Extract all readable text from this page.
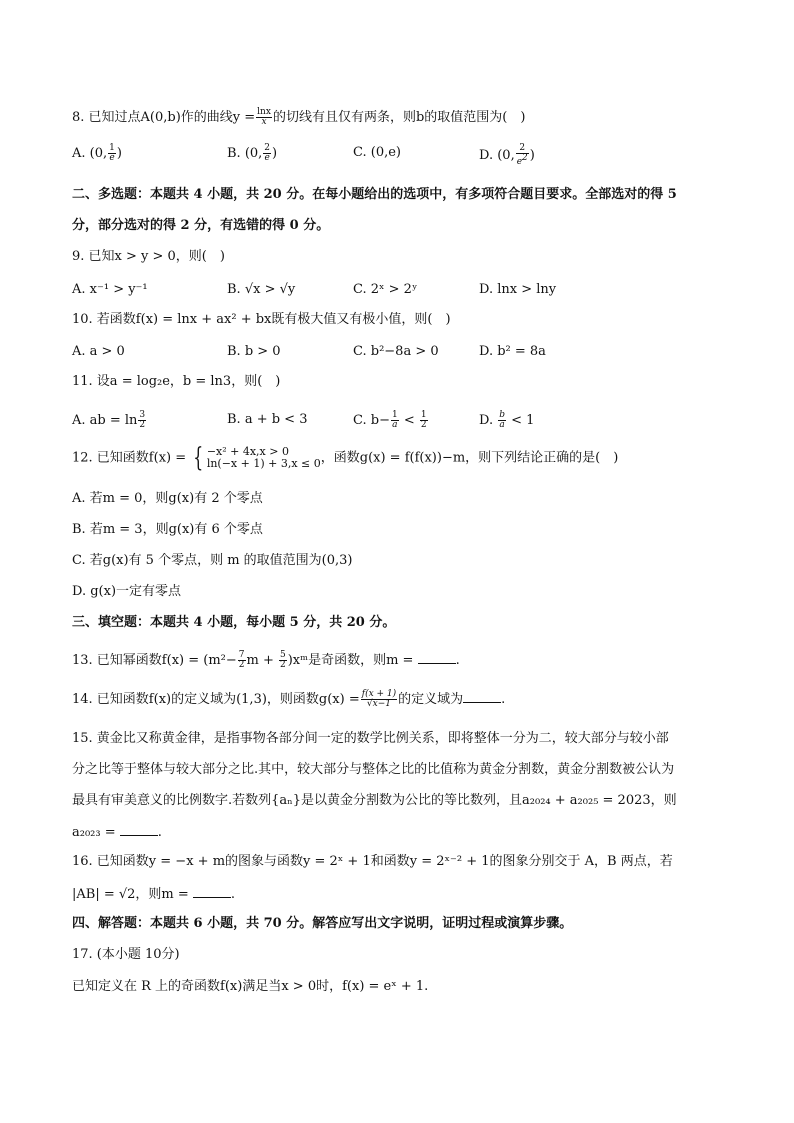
8. 已知过点A(0,b)作的曲线$y = \frac{\ln x}{x}$ 的切线有且仅有两条，则b的取值范围为(　)
A. (0, $\frac{1}{e}$ )	B. (0, $\frac{2}{e}$ )	C. (0,e)	D. (0, $\frac{2}{e^2}$ )
二、多选题：本题共 4 小题，共 20 分。在每小题给出的选项中，有多项符合题目要求。全部选对的得 5
分，部分选对的得 2 分，有选错的得 0 分。
9. 已知x > y > 0，则(　)
A. x⁻¹ > y⁻¹	B. √x > √y	C. 2ˣ > 2ʸ	D. lnx > lny
10. 若函数f(x) = lnx + ax² + bx既有极大值又有极小值，则(　)
A. a > 0	B. b > 0	C. b²−8a > 0	D. b² = 8a
11. 设a = log₂e，b = ln3，则(　)
A. ab = $\ln \frac{3}{2}$	B. a + b < 3	C. $b- \frac{1}{a} < \frac{1}{2}$	D. $\frac{b}{a} < 1$
12. 已知函数f(x) = { −x² + 4x,x > 0
ln(−x + 1) + 3,x ≤ 0 ，函数g(x) = f(f(x))−m，则下列结论正确的是(　)
A. 若m = 0，则g(x)有 2 个零点
B. 若m = 3，则g(x)有 6 个零点
C. 若g(x)有 5 个零点，则 m 的取值范围为(0,3)
D. g(x)一定有零点
三、填空题：本题共 4 小题，每小题 5 分，共 20 分。
13. 已知幂函数$f(x) = (m^2- \frac{7}{2}$ $m + \frac{5}{2}$ )xᵐ是奇函数，则m =	.
14. 已知函数f(x)的定义域为(1,3)，则函数$g(x) = \frac{f(x + 1)}{√x-1}$ 的定义域为	.
15. 黄金比又称黄金律，是指事物各部分间一定的数学比例关系，即将整体一分为二，较大部分与较小部
分之比等于整体与较大部分之比.其中，较大部分与整体之比的比值称为黄金分割数，黄金分割数被公认为
最具有审美意义的比例数字.若数列{aₙ}是以黄金分割数为公比的等比数列，且a₂₀₂₄ + a₂₀₂₅ = 2023，则
a₂₀₂₃ =	.
16. 已知函数y = −x + m的图象与函数y = 2ˣ + 1和函数y = 2ˣ⁻² + 1的图象分别交于 A，B 两点，若
|AB| = √2，则m =	.
四、解答题：本题共 6 小题，共 70 分。解答应写出文字说明，证明过程或演算步骤。
17. (本小题 10分)
已知定义在 R 上的奇函数f(x)满足当x > 0时，f(x) = eˣ + 1.
